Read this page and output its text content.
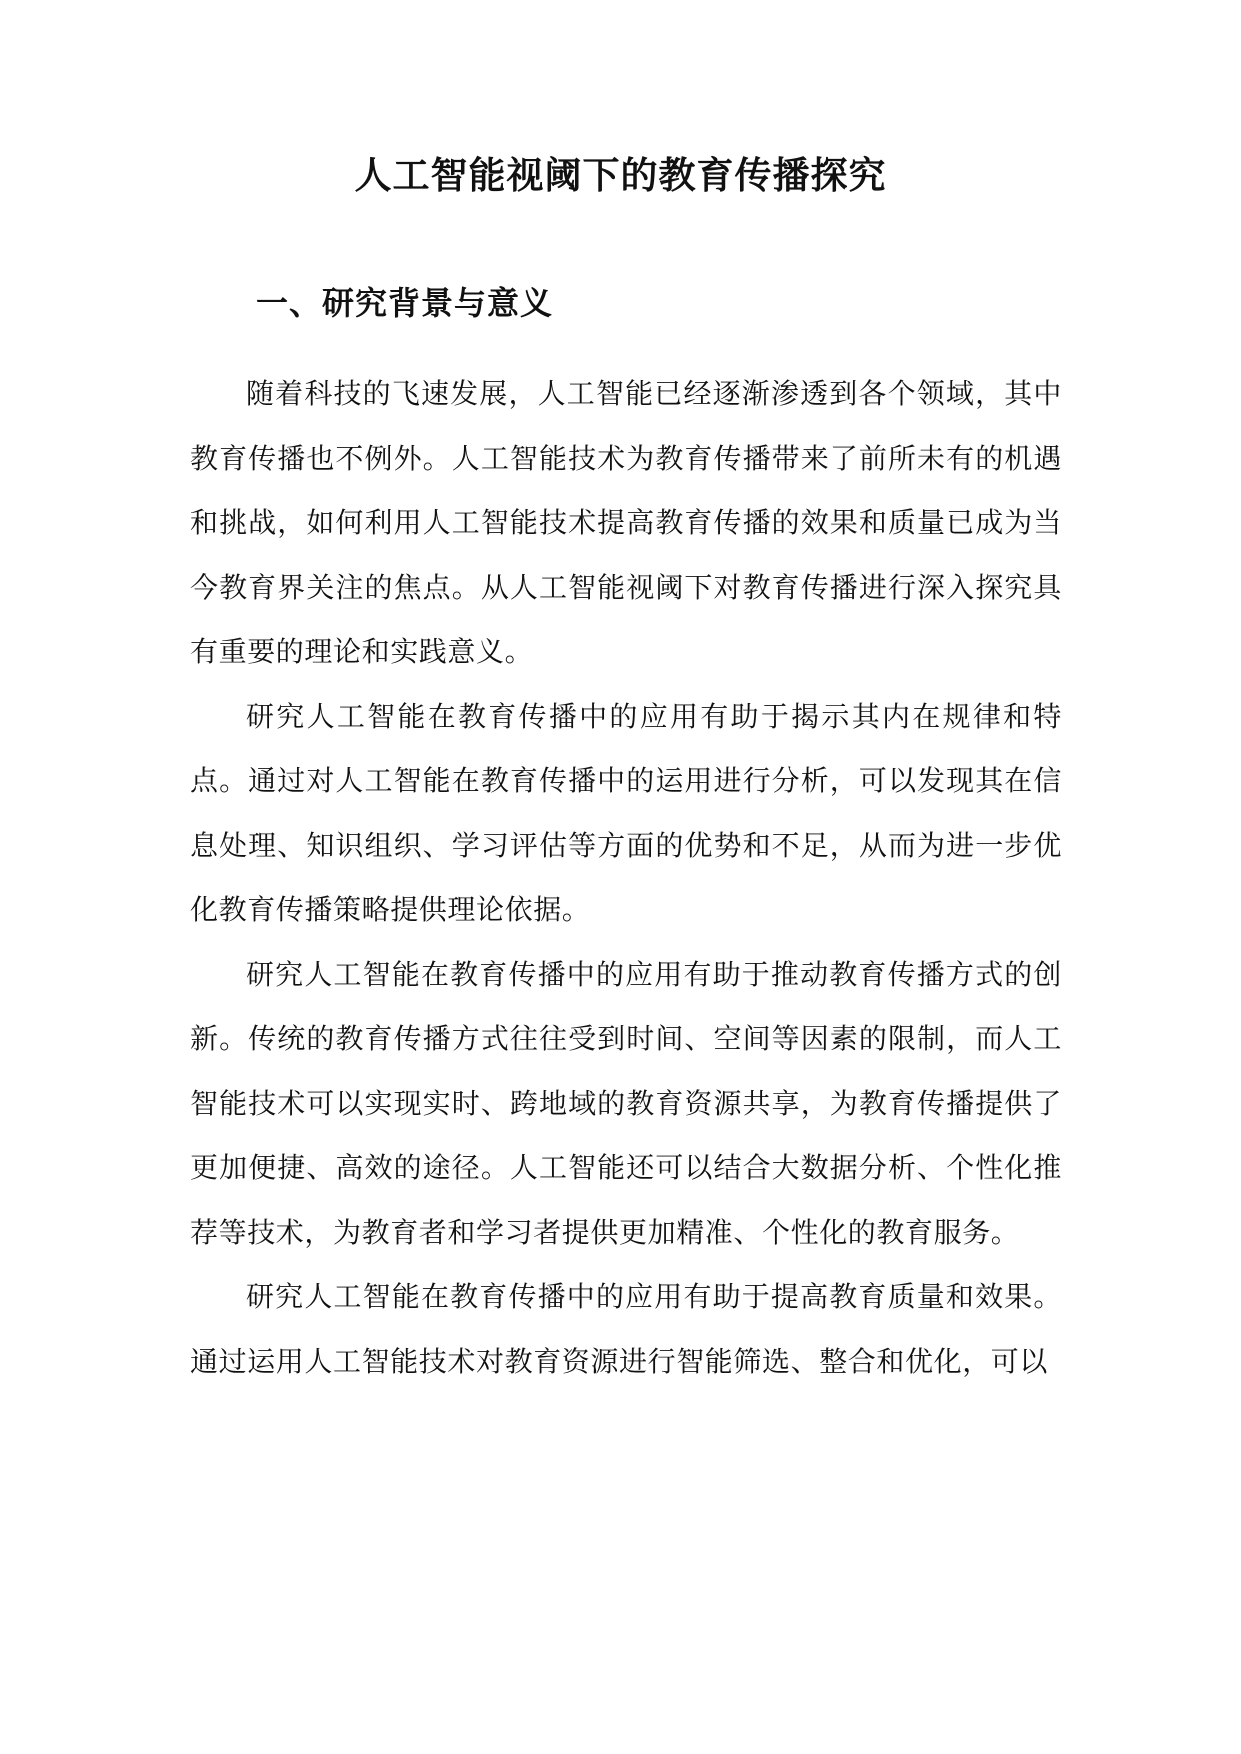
人工智能视阈下的教育传播探究
一、研究背景与意义

随着科技的飞速发展，人工智能已经逐渐渗透到各个领域，其中教育传播也不例外。人工智能技术为教育传播带来了前所未有的机遇和挑战，如何利用人工智能技术提高教育传播的效果和质量已成为当今教育界关注的焦点。从人工智能视阈下对教育传播进行深入探究具有重要的理论和实践意义。

研究人工智能在教育传播中的应用有助于揭示其内在规律和特点。通过对人工智能在教育传播中的运用进行分析，可以发现其在信息处理、知识组织、学习评估等方面的优势和不足，从而为进一步优化教育传播策略提供理论依据。

研究人工智能在教育传播中的应用有助于推动教育传播方式的创新。传统的教育传播方式往往受到时间、空间等因素的限制，而人工智能技术可以实现实时、跨地域的教育资源共享，为教育传播提供了更加便捷、高效的途径。人工智能还可以结合大数据分析、个性化推荐等技术，为教育者和学习者提供更加精准、个性化的教育服务。

研究人工智能在教育传播中的应用有助于提高教育质量和效果。通过运用人工智能技术对教育资源进行智能筛选、整合和优化，可以
